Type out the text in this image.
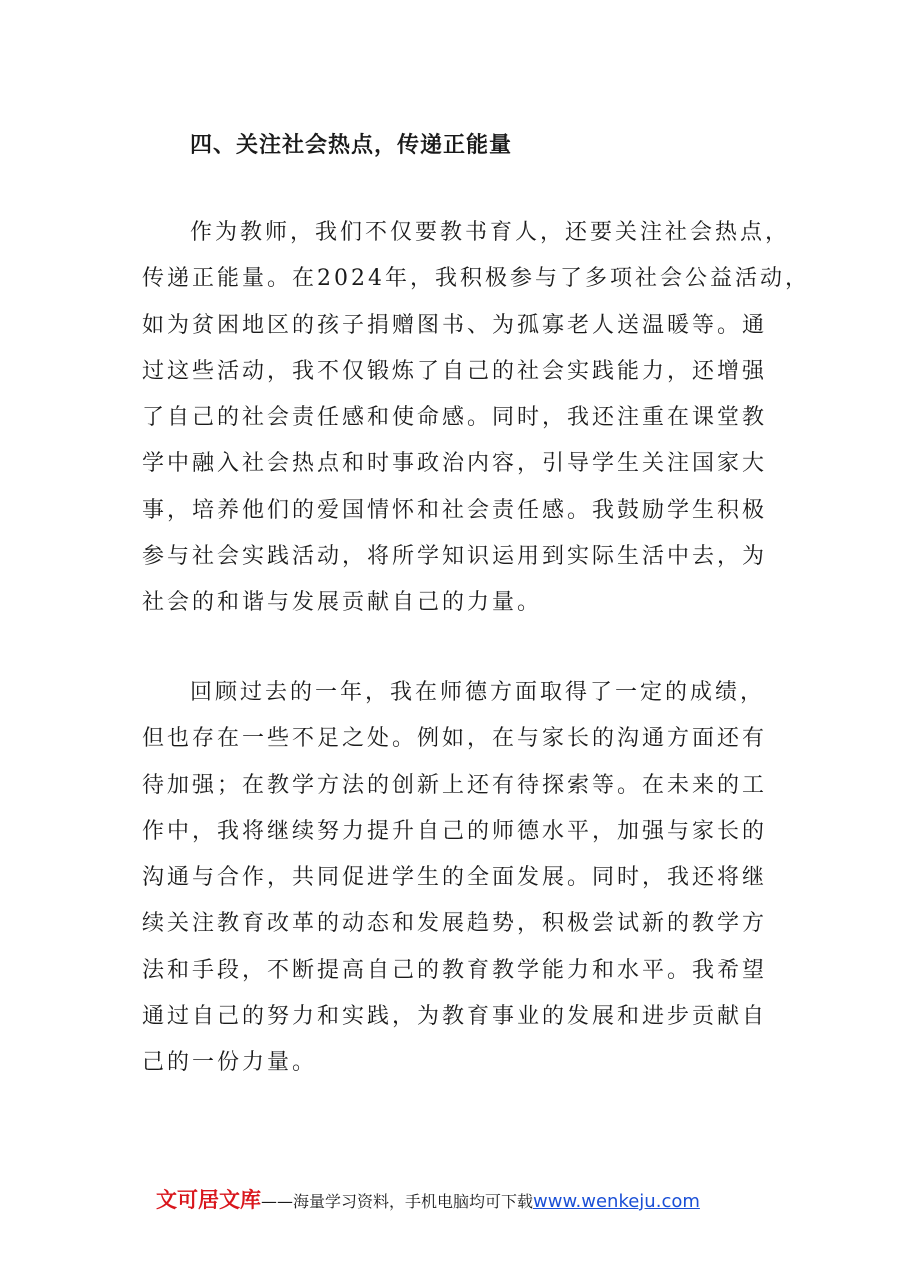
四、关注社会热点，传递正能量
作为教师，我们不仅要教书育人，还要关注社会热点，
传递正能量。在2024年，我积极参与了多项社会公益活动，
如为贫困地区的孩子捐赠图书、为孤寡老人送温暖等。通
过这些活动，我不仅锻炼了自己的社会实践能力，还增强
了自己的社会责任感和使命感。同时，我还注重在课堂教
学中融入社会热点和时事政治内容，引导学生关注国家大
事，培养他们的爱国情怀和社会责任感。我鼓励学生积极
参与社会实践活动，将所学知识运用到实际生活中去，为
社会的和谐与发展贡献自己的力量。
回顾过去的一年，我在师德方面取得了一定的成绩，
但也存在一些不足之处。例如，在与家长的沟通方面还有
待加强；在教学方法的创新上还有待探索等。在未来的工
作中，我将继续努力提升自己的师德水平，加强与家长的
沟通与合作，共同促进学生的全面发展。同时，我还将继
续关注教育改革的动态和发展趋势，积极尝试新的教学方
法和手段，不断提高自己的教育教学能力和水平。我希望
通过自己的努力和实践，为教育事业的发展和进步贡献自
己的一份力量。
文可居文库——海量学习资料，手机电脑均可下载www.wenkeju.com
